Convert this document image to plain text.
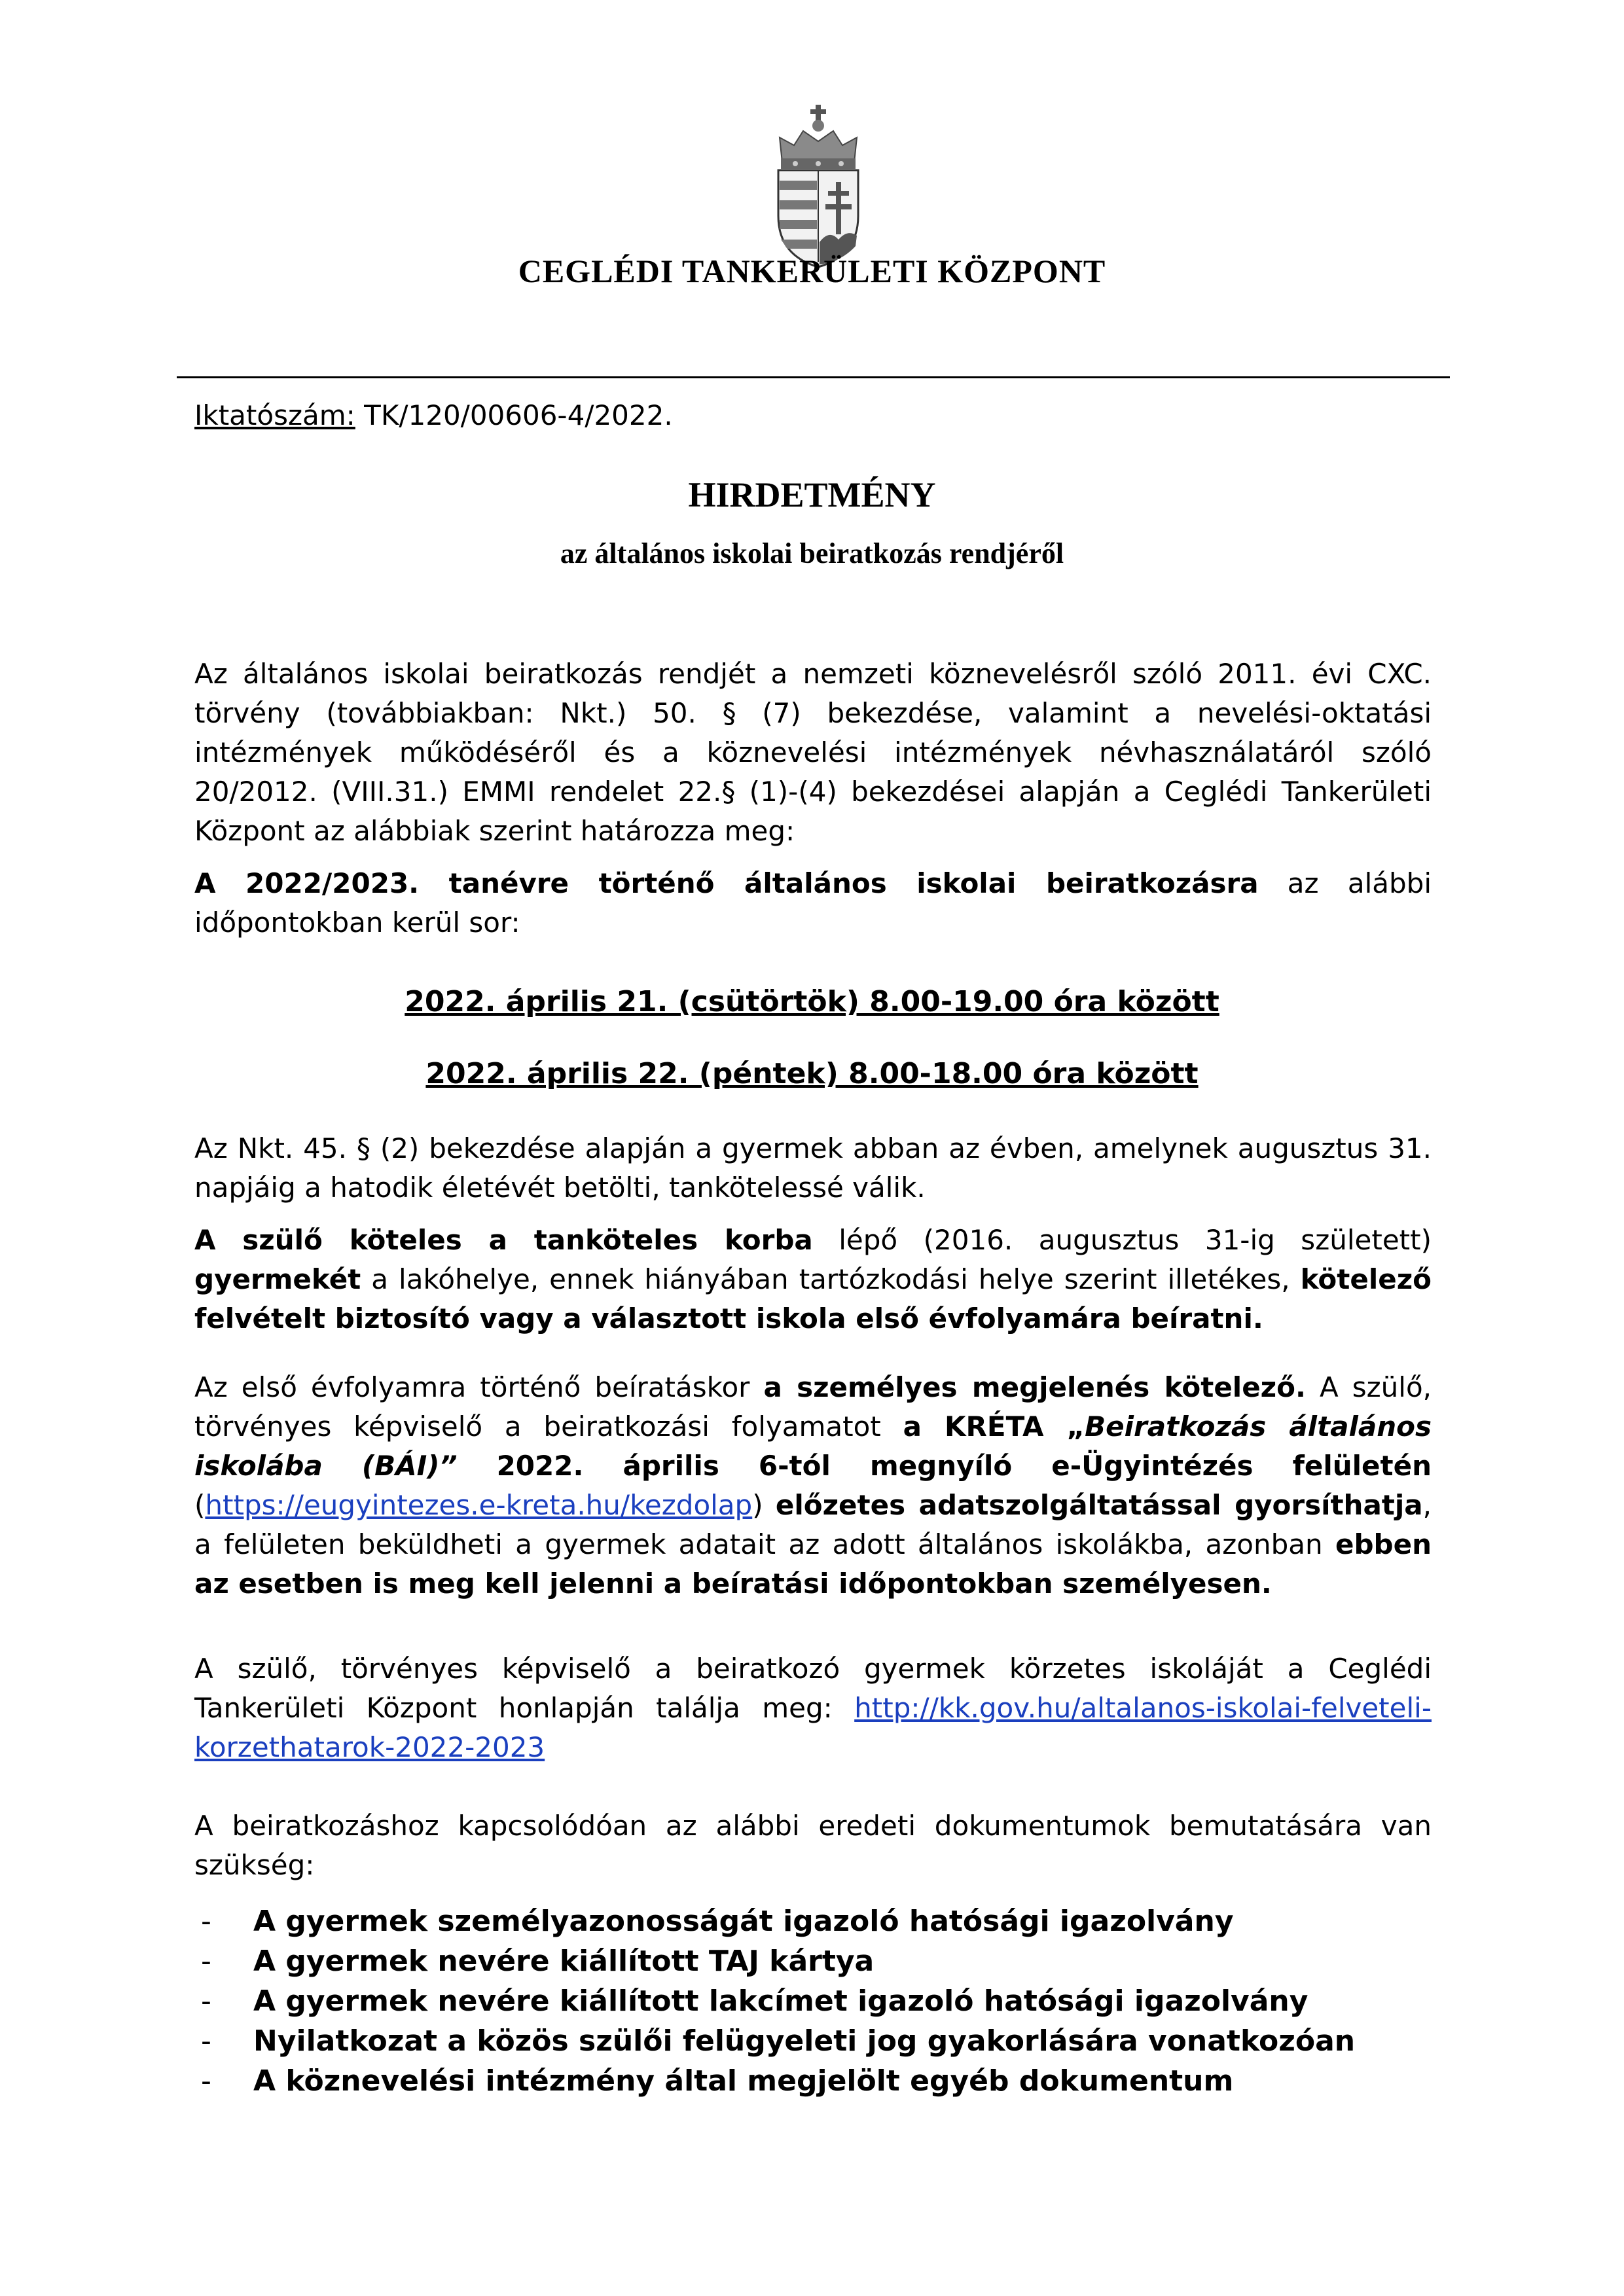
CEGLÉDI TANKERÜLETI KÖZPONT

Iktatószám: TK/120/00606-4/2022.

HIRDETMÉNY
az általános iskolai beiratkozás rendjéről

Az általános iskolai beiratkozás rendjét a nemzeti köznevelésről szóló 2011. évi CXC. törvény (továbbiakban: Nkt.) 50. § (7) bekezdése, valamint a nevelési-oktatási intézmények működéséről és a köznevelési intézmények névhasználatáról szóló 20/2012. (VIII.31.) EMMI rendelet 22.§ (1)-(4) bekezdései alapján a Ceglédi Tankerületi Központ az alábbiak szerint határozza meg:

A 2022/2023. tanévre történő általános iskolai beiratkozásra az alábbi időpontokban kerül sor:

2022. április 21. (csütörtök) 8.00-19.00 óra között
2022. április 22. (péntek) 8.00-18.00 óra között

Az Nkt. 45. § (2) bekezdése alapján a gyermek abban az évben, amelynek augusztus 31. napjáig a hatodik életévét betölti, tankötelessé válik.

A szülő köteles a tanköteles korba lépő (2016. augusztus 31-ig született) gyermekét a lakóhelye, ennek hiányában tartózkodási helye szerint illetékes, kötelező felvételt biztosító vagy a választott iskola első évfolyamára beíratni.

Az első évfolyamra történő beíratáskor a személyes megjelenés kötelező. A szülő, törvényes képviselő a beiratkozási folyamatot a KRÉTA „Beiratkozás általános iskolába (BÁI)” 2022. április 6-tól megnyíló e-Ügyintézés felületén (https://eugyintezes.e-kreta.hu/kezdolap) előzetes adatszolgáltatással gyorsíthatja, a felületen beküldheti a gyermek adatait az adott általános iskolákba, azonban ebben az esetben is meg kell jelenni a beíratási időpontokban személyesen.

A szülő, törvényes képviselő a beiratkozó gyermek körzetes iskoláját a Ceglédi Tankerületi Központ honlapján találja meg: http://kk.gov.hu/altalanos-iskolai-felveteli-korzethatarok-2022-2023

A beiratkozáshoz kapcsolódóan az alábbi eredeti dokumentumok bemutatására van szükség:

- A gyermek személyazonosságát igazoló hatósági igazolvány
- A gyermek nevére kiállított TAJ kártya
- A gyermek nevére kiállított lakcímet igazoló hatósági igazolvány
- Nyilatkozat a közös szülői felügyeleti jog gyakorlására vonatkozóan
- A köznevelési intézmény által megjelölt egyéb dokumentum
